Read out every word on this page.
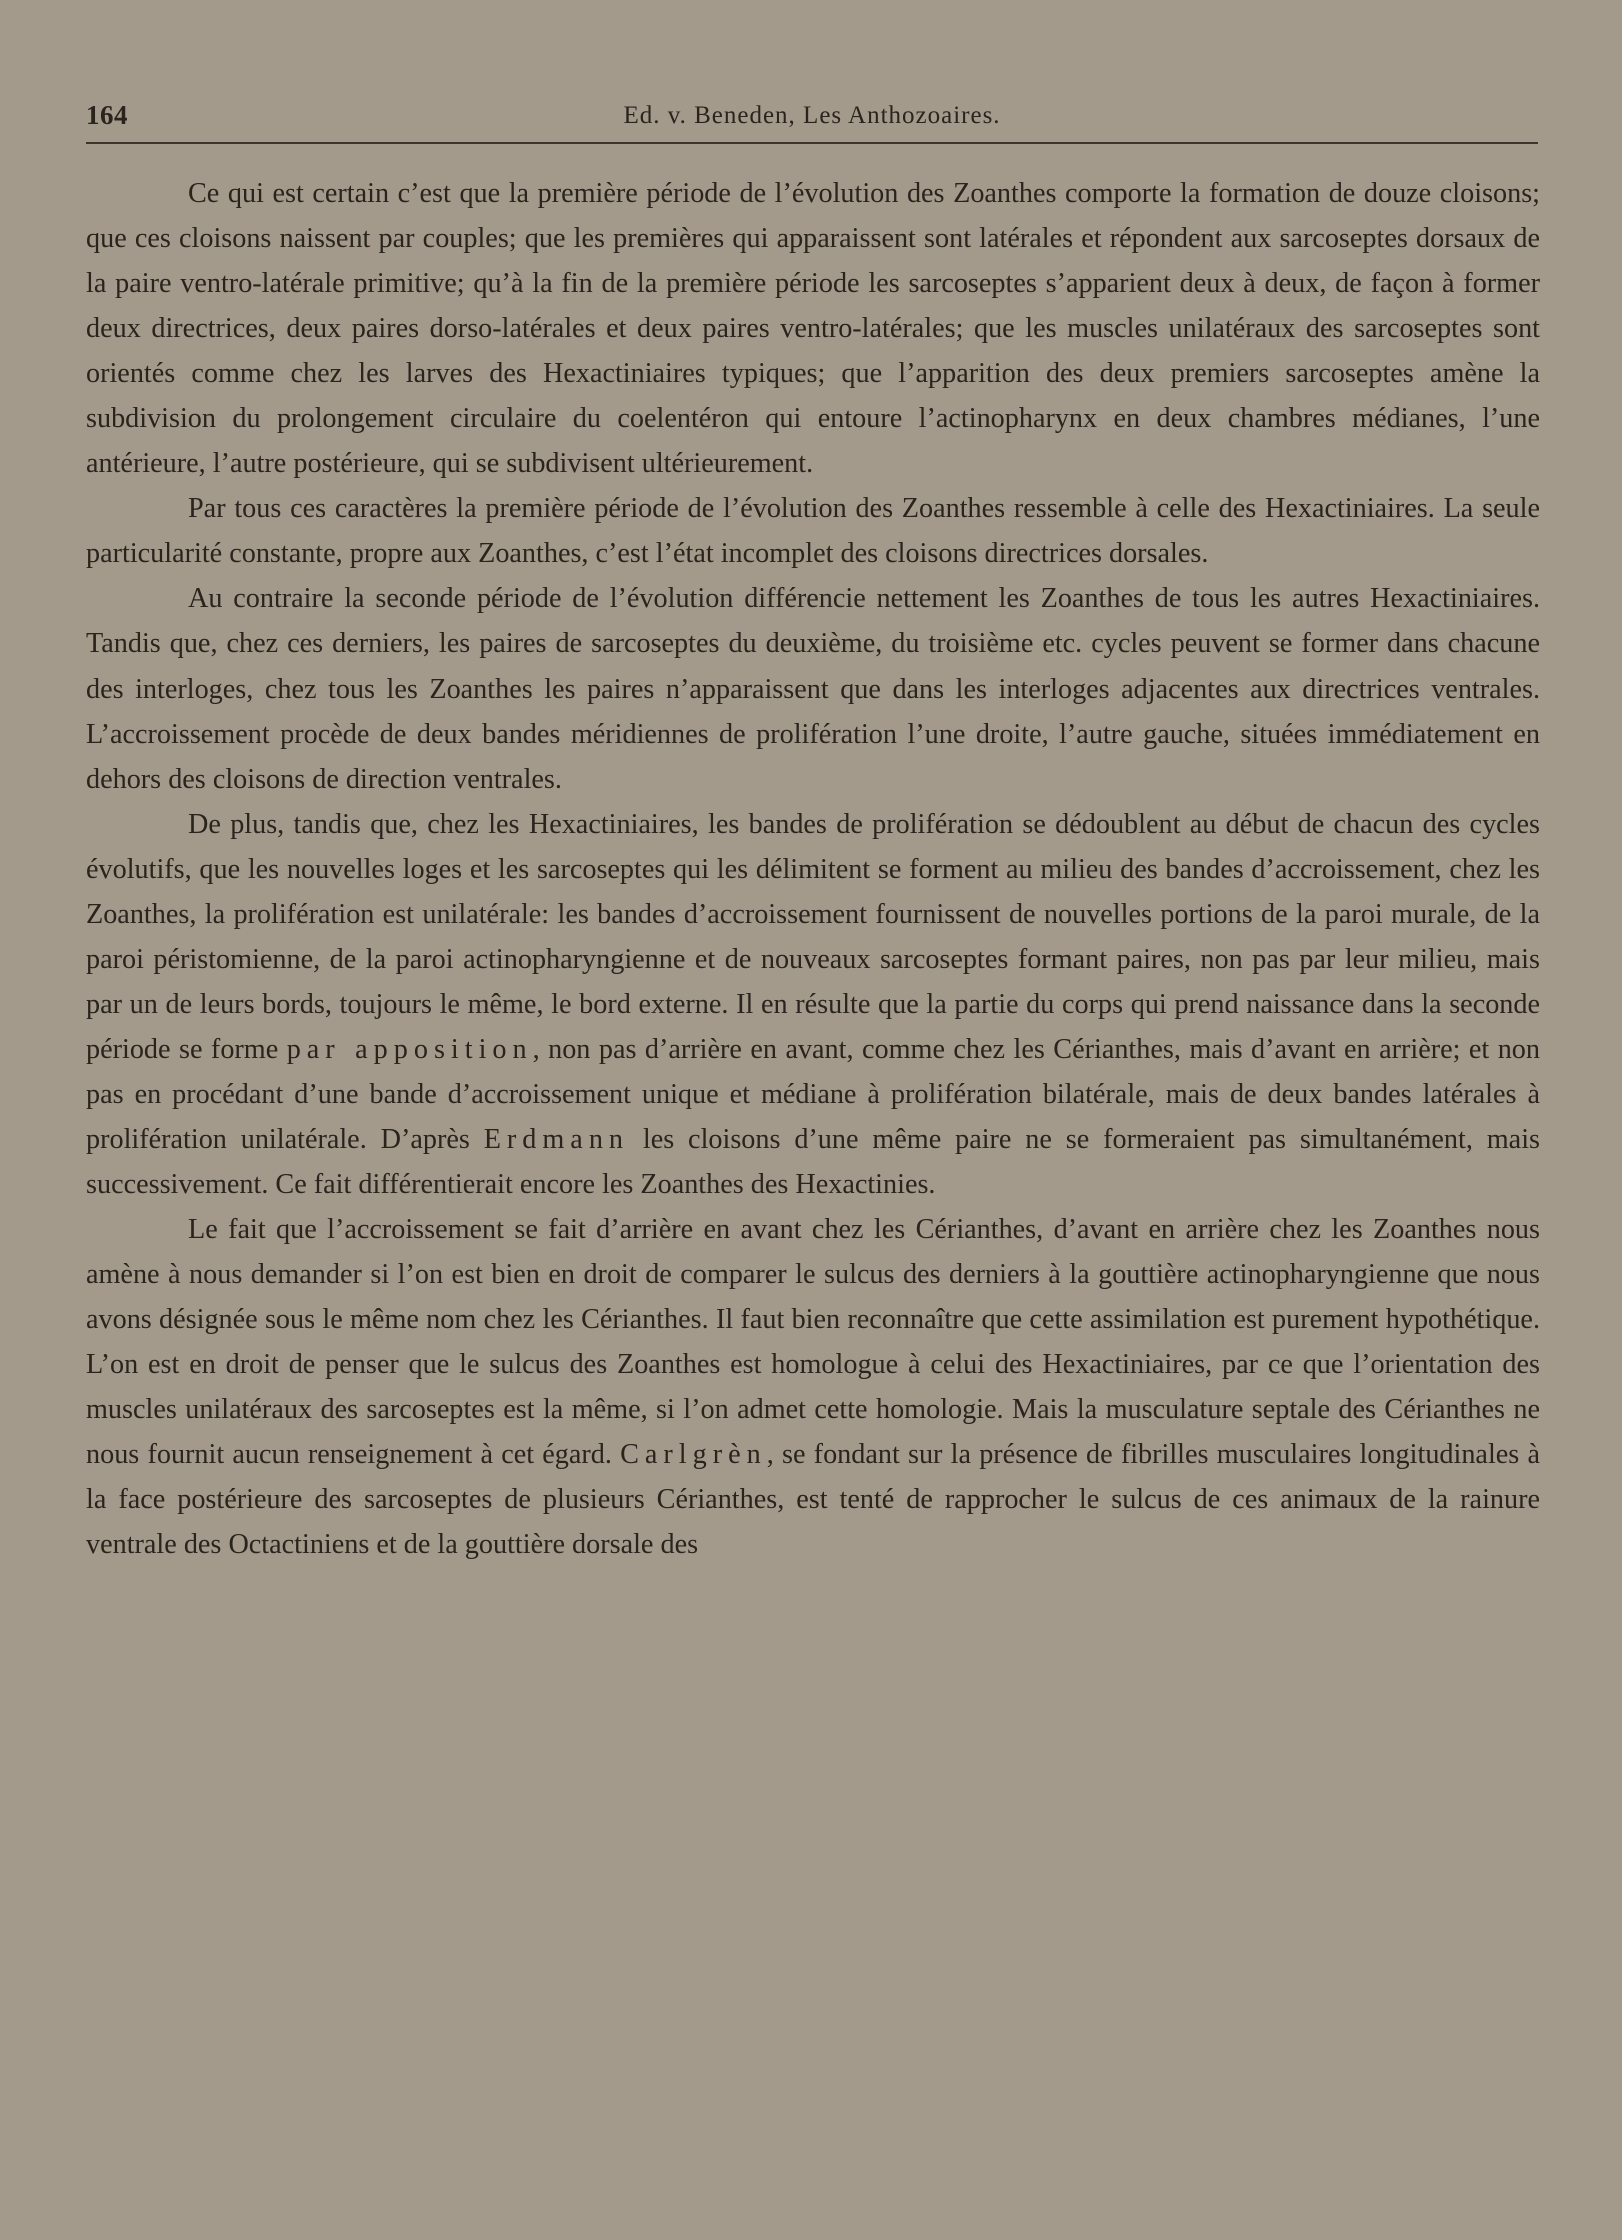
164	Ed. v. Beneden, Les Anthozoaires.

Ce qui est certain c’est que la première période de l’évolution des Zoanthes comporte la formation de douze cloisons; que ces cloisons naissent par couples; que les premières qui apparaissent sont latérales et répondent aux sarcoseptes dorsaux de la paire ventro-latérale primitive; qu’à la fin de la première période les sarcoseptes s’apparient deux à deux, de façon à former deux directrices, deux paires dorso-latérales et deux paires ventro-latérales; que les muscles unilatéraux des sarcoseptes sont orientés comme chez les larves des Hexactiniaires typiques; que l’apparition des deux premiers sarcoseptes amène la subdivision du prolongement circulaire du coelentéron qui entoure l’actinopharynx en deux chambres médianes, l’une antérieure, l’autre postérieure, qui se subdivisent ultérieurement.

Par tous ces caractères la première période de l’évolution des Zoanthes ressemble à celle des Hexactiniaires. La seule particularité constante, propre aux Zoanthes, c’est l’état incomplet des cloisons directrices dorsales.

Au contraire la seconde période de l’évolution différencie nettement les Zoanthes de tous les autres Hexactiniaires. Tandis que, chez ces derniers, les paires de sarcoseptes du deuxième, du troisième etc. cycles peuvent se former dans chacune des interloges, chez tous les Zoanthes les paires n’apparaissent que dans les interloges adjacentes aux directrices ventrales. L’accroissement procède de deux bandes méridiennes de prolifération l’une droite, l’autre gauche, situées immédiatement en dehors des cloisons de direction ventrales.

De plus, tandis que, chez les Hexactiniaires, les bandes de prolifération se dédoublent au début de chacun des cycles évolutifs, que les nouvelles loges et les sarcoseptes qui les délimitent se forment au milieu des bandes d’accroissement, chez les Zoanthes, la prolifération est unilatérale: les bandes d’accroissement fournissent de nouvelles portions de la paroi murale, de la paroi péristomienne, de la paroi actinopharyngienne et de nouveaux sarcoseptes formant paires, non pas par leur milieu, mais par un de leurs bords, toujours le même, le bord externe. Il en résulte que la partie du corps qui prend naissance dans la seconde période se forme par apposition, non pas d’arrière en avant, comme chez les Cérianthes, mais d’avant en arrière; et non pas en procédant d’une bande d’accroissement unique et médiane à prolifération bilatérale, mais de deux bandes latérales à prolifération unilatérale. D’après Erdmann les cloisons d’une même paire ne se formeraient pas simultanément, mais successivement. Ce fait différentierait encore les Zoanthes des Hexactinies.

Le fait que l’accroissement se fait d’arrière en avant chez les Cérianthes, d’avant en arrière chez les Zoanthes nous amène à nous demander si l’on est bien en droit de comparer le sulcus des derniers à la gouttière actinopharyngienne que nous avons désignée sous le même nom chez les Cérianthes. Il faut bien reconnaître que cette assimilation est purement hypothétique. L’on est en droit de penser que le sulcus des Zoanthes est homologue à celui des Hexactiniaires, par ce que l’orientation des muscles unilatéraux des sarcoseptes est la même, si l’on admet cette homologie. Mais la musculature septale des Cérianthes ne nous fournit aucun renseignement à cet égard. Carlgrèn, se fondant sur la présence de fibrilles musculaires longitudinales à la face postérieure des sarcoseptes de plusieurs Cérianthes, est tenté de rapprocher le sulcus de ces animaux de la rainure ventrale des Octactiniens et de la gouttière dorsale des
